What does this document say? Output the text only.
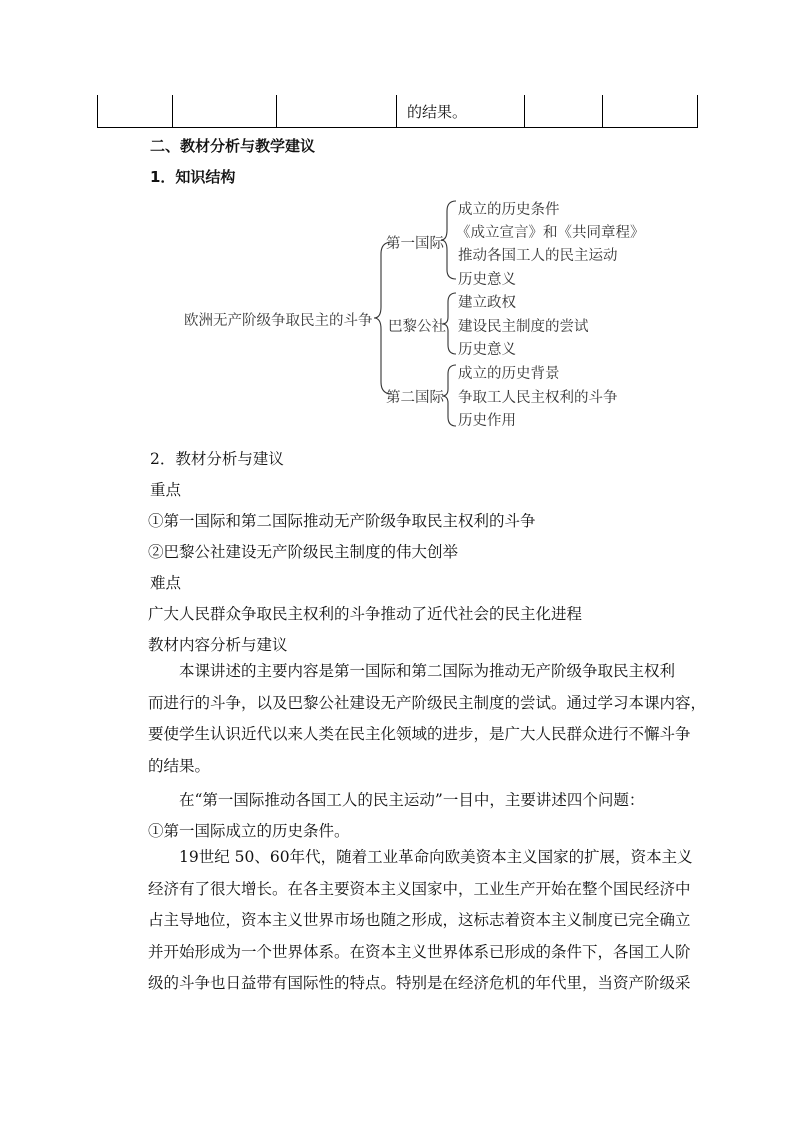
的结果。
二、教材分析与教学建议
1．知识结构
欧洲无产阶级争取民主的斗争
第一国际
巴黎公社
第二国际
成立的历史条件
《成立宣言》和《共同章程》
推动各国工人的民主运动
历史意义
建立政权
建设民主制度的尝试
历史意义
成立的历史背景
争取工人民主权利的斗争
历史作用
2．教材分析与建议
重点
①第一国际和第二国际推动无产阶级争取民主权利的斗争
②巴黎公社建设无产阶级民主制度的伟大创举
难点
广大人民群众争取民主权利的斗争推动了近代社会的民主化进程
教材内容分析与建议
本课讲述的主要内容是第一国际和第二国际为推动无产阶级争取民主权利
而进行的斗争，以及巴黎公社建设无产阶级民主制度的尝试。通过学习本课内容，
要使学生认识近代以来人类在民主化领域的进步，是广大人民群众进行不懈斗争
的结果。
在“第一国际推动各国工人的民主运动”一目中，主要讲述四个问题：
①第一国际成立的历史条件。
19世纪 50、60年代，随着工业革命向欧美资本主义国家的扩展，资本主义
经济有了很大增长。在各主要资本主义国家中，工业生产开始在整个国民经济中
占主导地位，资本主义世界市场也随之形成，这标志着资本主义制度已完全确立
并开始形成为一个世界体系。在资本主义世界体系已形成的条件下，各国工人阶
级的斗争也日益带有国际性的特点。特别是在经济危机的年代里，当资产阶级采
